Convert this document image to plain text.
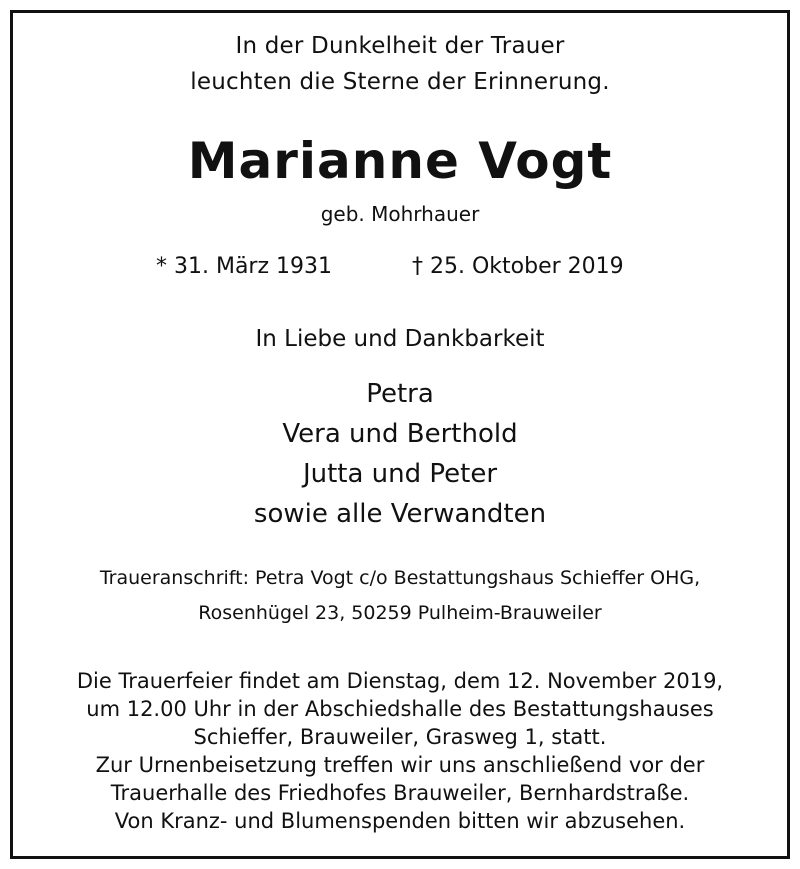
In der Dunkelheit der Trauer
leuchten die Sterne der Erinnerung.
Marianne Vogt
geb. Mohrhauer
* 31. März 1931	† 25. Oktober 2019
In Liebe und Dankbarkeit
Petra
Vera und Berthold
Jutta und Peter
sowie alle Verwandten
Traueranschrift: Petra Vogt c/o Bestattungshaus Schieffer OHG,
Rosenhügel 23, 50259 Pulheim-Brauweiler
Die Trauerfeier findet am Dienstag, dem 12. November 2019,
um 12.00 Uhr in der Abschiedshalle des Bestattungshauses
Schieffer, Brauweiler, Grasweg 1, statt.
Zur Urnenbeisetzung treffen wir uns anschließend vor der
Trauerhalle des Friedhofes Brauweiler, Bernhardstraße.
Von Kranz- und Blumenspenden bitten wir abzusehen.
